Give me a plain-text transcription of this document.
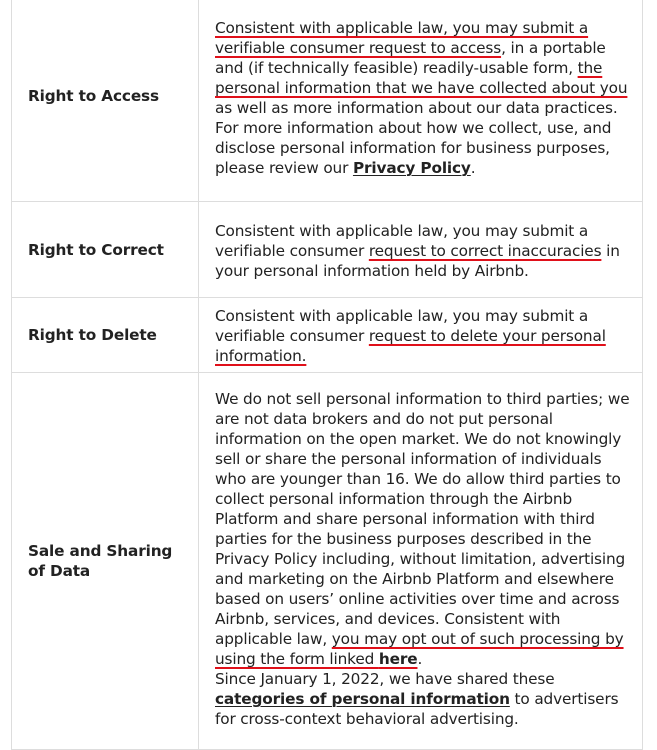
Right to Access	Consistent with applicable law, you may submit a verifiable consumer request to access, in a portable and (if technically feasible) readily-usable form, the personal information that we have collected about you as well as more information about our data practices. For more information about how we collect, use, and disclose personal information for business purposes, please review our Privacy Policy.
Right to Correct	Consistent with applicable law, you may submit a verifiable consumer request to correct inaccuracies in your personal information held by Airbnb.
Right to Delete	Consistent with applicable law, you may submit a verifiable consumer request to delete your personal information.
Sale and Sharing of Data	We do not sell personal information to third parties; we are not data brokers and do not put personal information on the open market. We do not knowingly sell or share the personal information of individuals who are younger than 16. We do allow third parties to collect personal information through the Airbnb Platform and share personal information with third parties for the business purposes described in the Privacy Policy including, without limitation, advertising and marketing on the Airbnb Platform and elsewhere based on users’ online activities over time and across Airbnb, services, and devices. Consistent with applicable law, you may opt out of such processing by using the form linked here.
Since January 1, 2022, we have shared these categories of personal information to advertisers for cross-context behavioral advertising.
